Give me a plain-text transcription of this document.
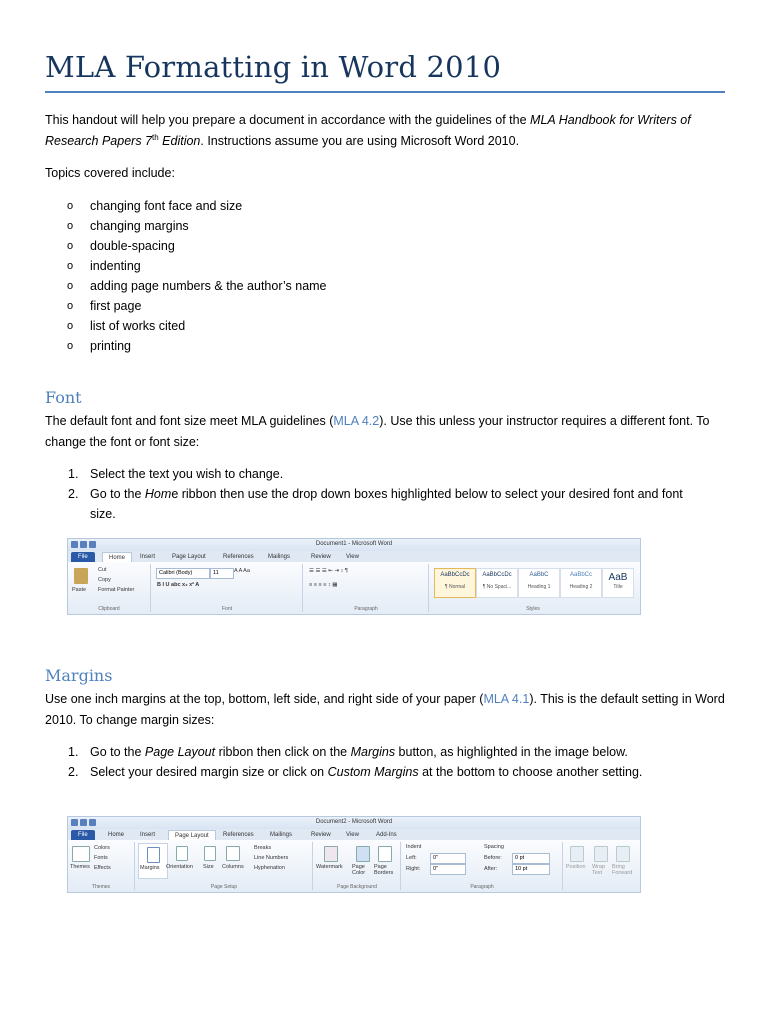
MLA Formatting in Word 2010

This handout will help you prepare a document in accordance with the guidelines of the MLA Handbook for Writers of Research Papers 7th Edition. Instructions assume you are using Microsoft Word 2010.

Topics covered include:

o changing font face and size
o changing margins
o double-spacing
o indenting
o adding page numbers & the author’s name
o first page
o list of works cited
o printing
Font

The default font and font size meet MLA guidelines (MLA 4.2). Use this unless your instructor requires a different font. To change the font or font size:

1. Select the text you wish to change.
2. Go to the Home ribbon then use the drop down boxes highlighted below to select your desired font and font size.
Document1 - Microsoft Word
File	Home	Insert	Page Layout	References Mailings	Review	View
Paste
Cut
Copy
Format Painter
Clipboard
Calibri (Body)	11	A A Aa
B I U abc x₂ x² A
Font
☰ ☰ ☰ ⇤ ⇥ ↕ ¶
≡ ≡ ≡ ≡ ↕ ▦
Paragraph
AaBbCcDc
¶ Normal
AaBbCcDc
¶ No Spaci...
AaBbC
Heading 1
AaBbCc
Heading 2
AaB
Title
Styles
Margins

Use one inch margins at the top, bottom, left side, and right side of your paper (MLA 4.1). This is the default setting in Word 2010. To change margin sizes:

1. Go to the Page Layout ribbon then click on the Margins button, as highlighted in the image below.
2. Select your desired margin size or click on Custom Margins at the bottom to choose another setting.
Document2 - Microsoft Word
File	Home	Insert	Page Layout	References	Mailings	Review	View	Add-Ins
Themes
Colors
Fonts
Effects
Themes
Margins Orientation Size Columns
Breaks
Line Numbers
Hyphenation
Page Setup
Watermark Page Color
Page Borders
Page Background
Indent
Left:	0"
Right:	0"
Spacing
Before:	0 pt
After:	10 pt
Paragraph
Position Wrap Text
Bring Forward
